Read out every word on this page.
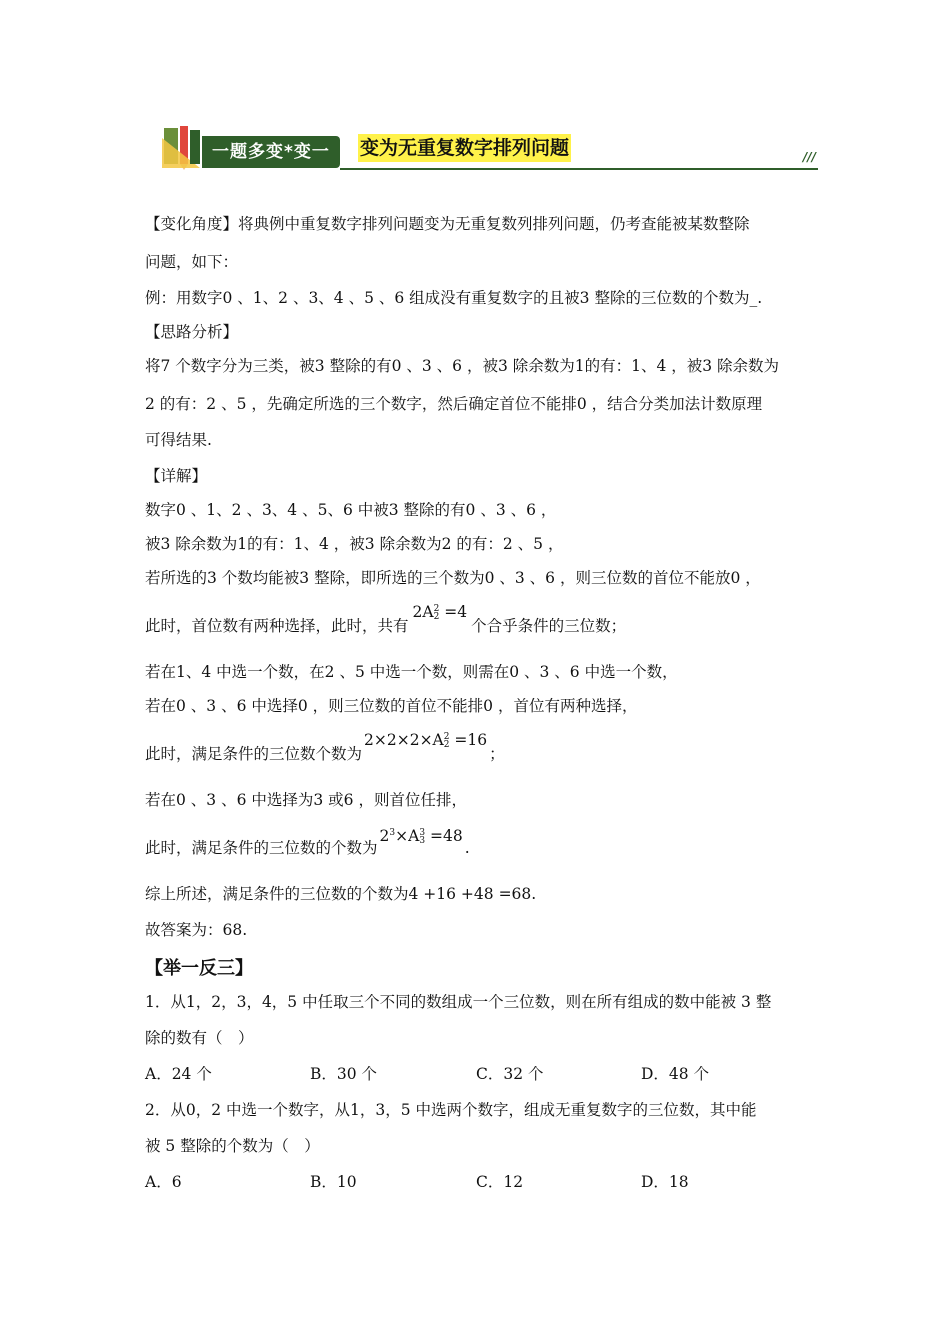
一题多变*变一	变为无重复数字排列问题	///
【变化角度】将典例中重复数字排列问题变为无重复数列排列问题，仍考查能被某数整除
问题，如下：
例：用数字0 、1、2 、3、4 、5 、6 组成没有重复数字的且被3 整除的三位数的个数为_.
【思路分析】
将7 个数字分为三类，被3 整除的有0 、3 、6 ，被3 除余数为1的有：1、4 ，被3 除余数为
2 的有：2 、5 ，先确定所选的三个数字，然后确定首位不能排0 ，结合分类加法计数原理
可得结果.
【详解】
数字0 、1、2 、3、4 、5、6 中被3 整除的有0 、3 、6 ，
被3 除余数为1的有：1、4 ，被3 除余数为2 的有：2 、5 ，
若所选的3 个数均能被3 整除，即所选的三个数为0 、3 、6 ，则三位数的首位不能放0 ，
此时，首位数有两种选择，此时，共有2A 2
2 =4个合乎条件的三位数；
若在1、4 中选一个数，在2 、5 中选一个数，则需在0 、3 、6 中选一个数，
若在0 、3 、6 中选择0 ，则三位数的首位不能排0 ，首位有两种选择，
此时，满足条件的三位数个数为2×2×2×A 2
2 =16；
若在0 、3 、6 中选择为3 或6 ，则首位任排，
此时，满足条件的三位数的个数为$2^3\times A$ 3
3 =48.
综上所述，满足条件的三位数的个数为4 +16 +48 =68.
故答案为：68.
【举一反三】
1．从1，2，3，4，5 中任取三个不同的数组成一个三位数，则在所有组成的数中能被 3 整
除的数有（　）
A．24 个	B．30 个	C．32 个	D．48 个
2．从0，2 中选一个数字，从1，3，5 中选两个数字，组成无重复数字的三位数，其中能
被 5 整除的个数为（　）
A．6	B．10	C．12	D．18
